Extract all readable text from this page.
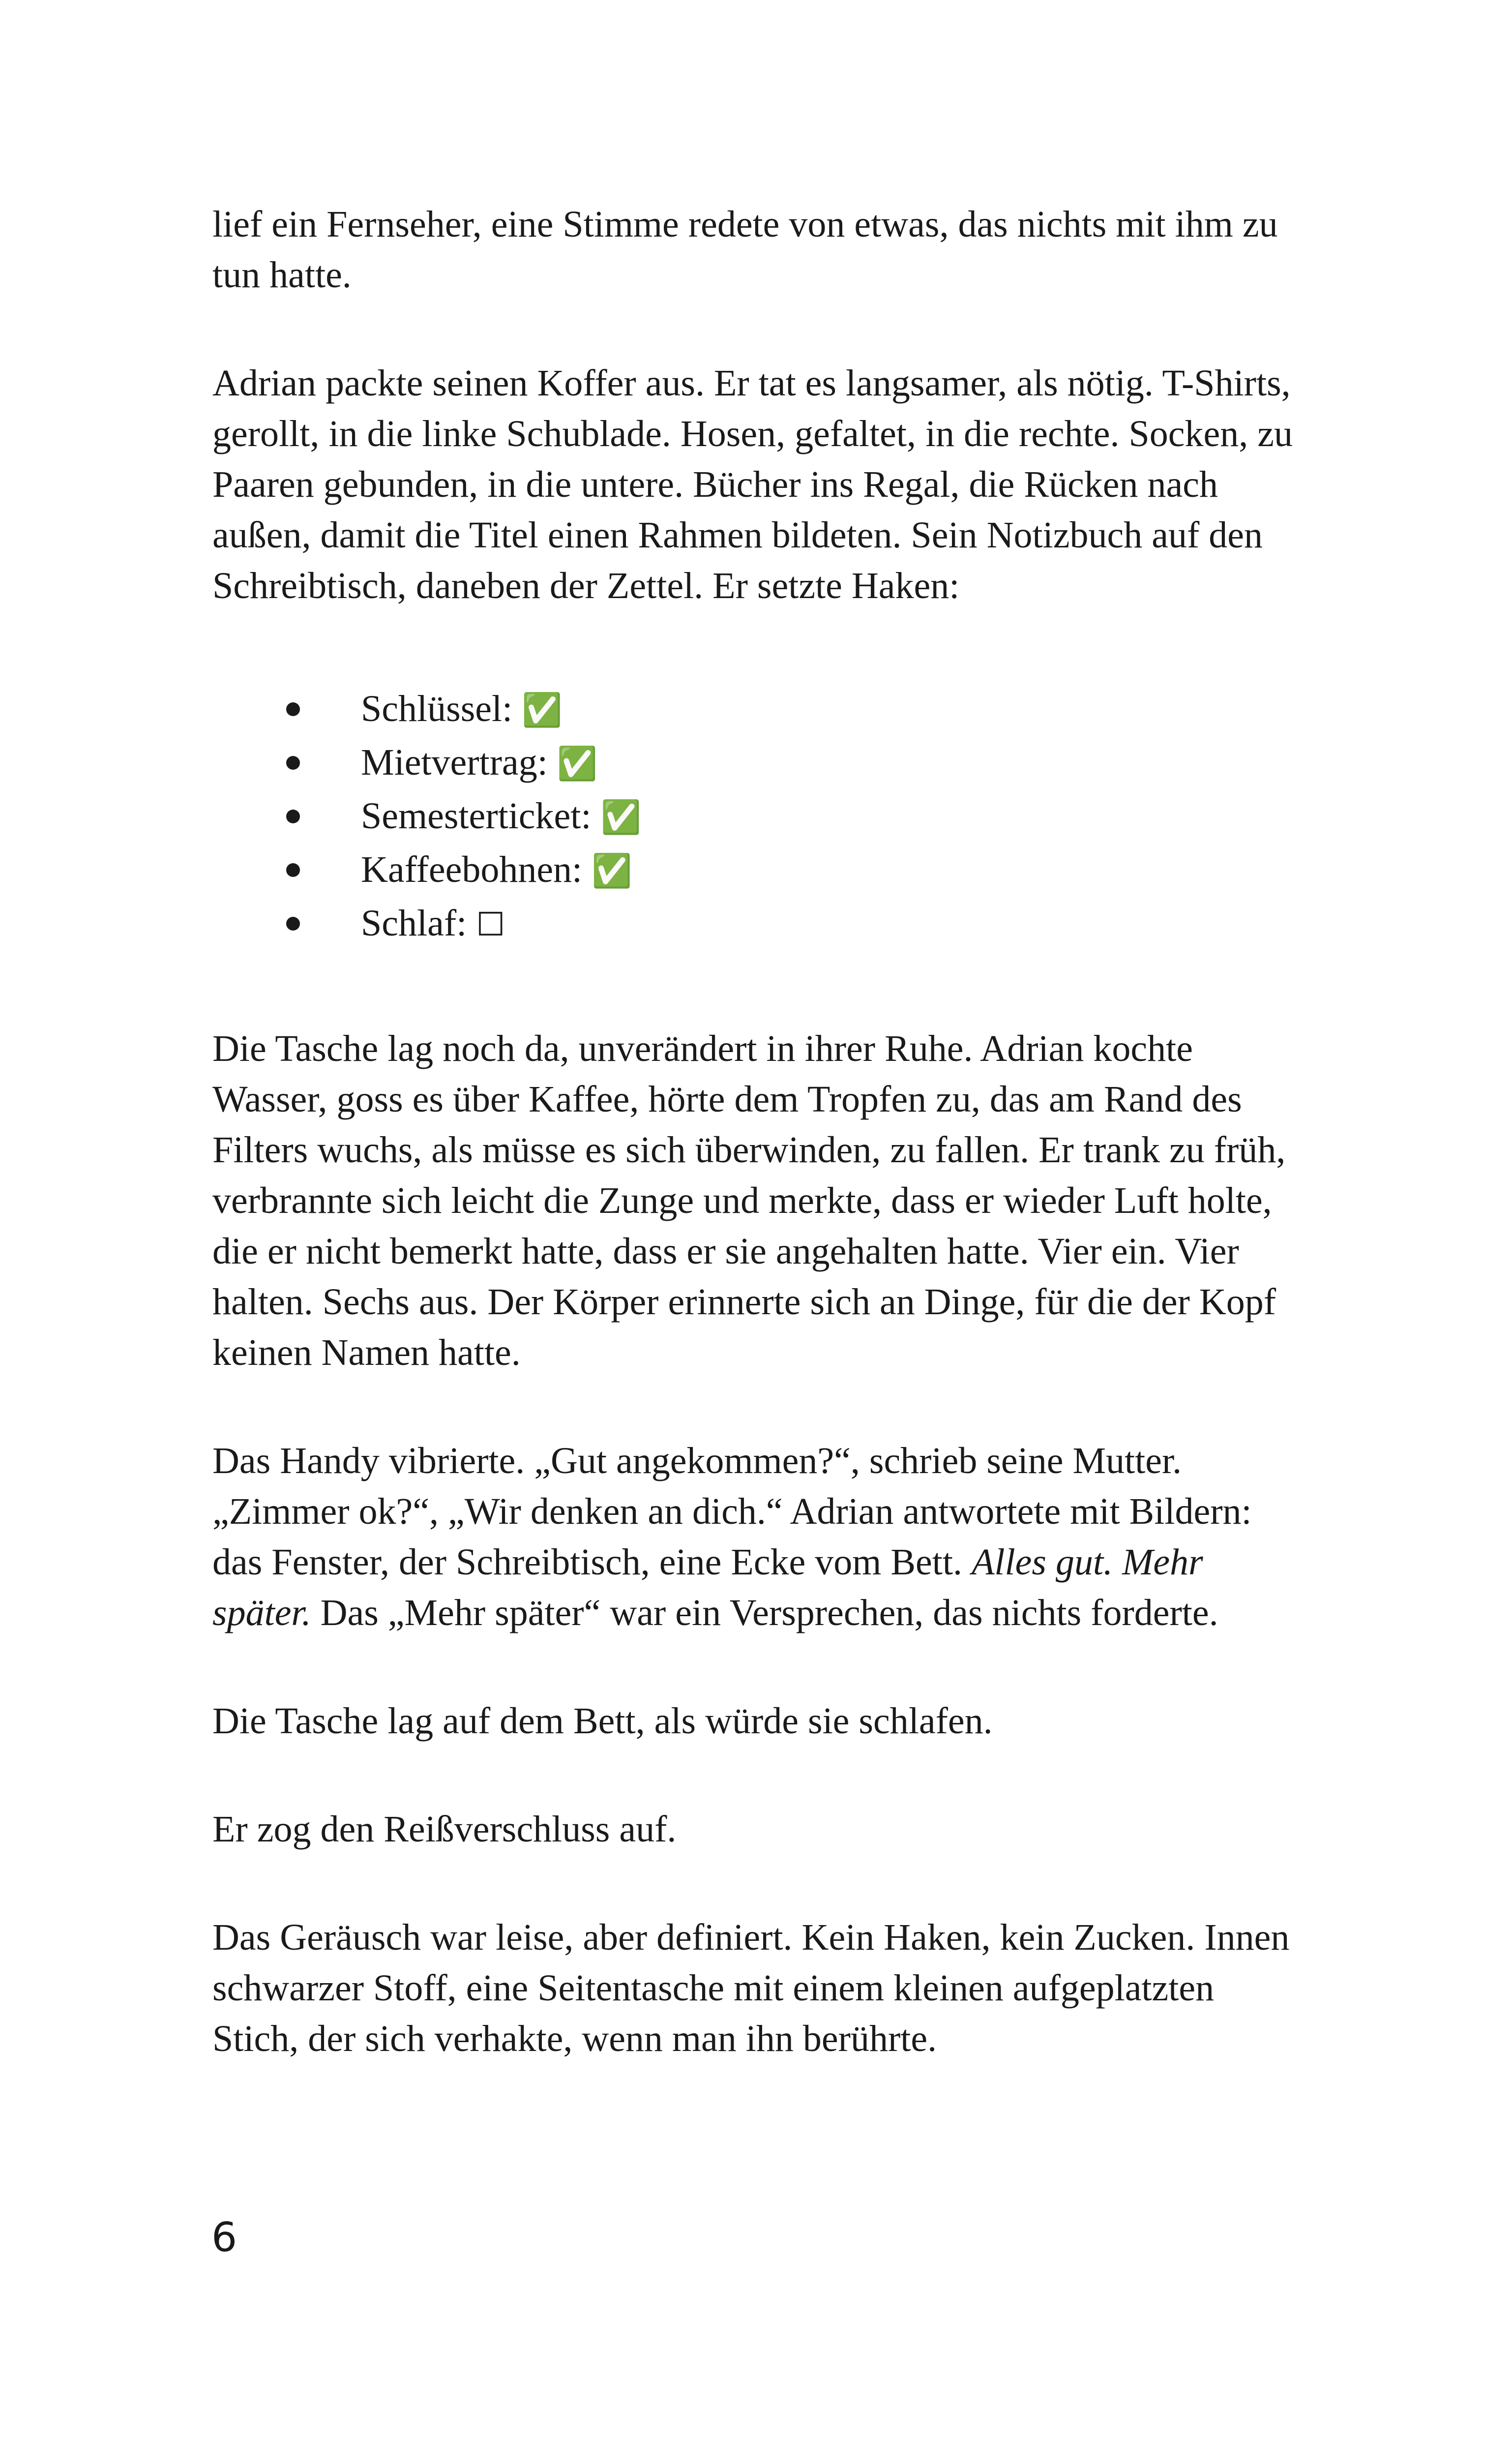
lief ein Fernseher, eine Stimme redete von etwas, das nichts mit ihm zu tun hatte.

Adrian packte seinen Koffer aus. Er tat es langsamer, als nötig. T-Shirts, gerollt, in die linke Schublade. Hosen, gefaltet, in die rechte. Socken, zu Paaren gebunden, in die untere. Bücher ins Regal, die Rücken nach außen, damit die Titel einen Rahmen bildeten. Sein Notizbuch auf den Schreibtisch, daneben der Zettel. Er setzte Haken:

Schlüssel: ✅
Mietvertrag: ✅
Semesterticket: ✅
Kaffeebohnen: ✅
Schlaf: ☐

Die Tasche lag noch da, unverändert in ihrer Ruhe. Adrian kochte Wasser, goss es über Kaffee, hörte dem Tropfen zu, das am Rand des Filters wuchs, als müsse es sich überwinden, zu fallen. Er trank zu früh, verbrannte sich leicht die Zunge und merkte, dass er wieder Luft holte, die er nicht bemerkt hatte, dass er sie angehalten hatte. Vier ein. Vier halten. Sechs aus. Der Körper erinnerte sich an Dinge, für die der Kopf keinen Namen hatte.

Das Handy vibrierte. „Gut angekommen?“, schrieb seine Mutter. „Zimmer ok?“, „Wir denken an dich.“ Adrian antwortete mit Bildern: das Fenster, der Schreibtisch, eine Ecke vom Bett. Alles gut. Mehr später. Das „Mehr später“ war ein Versprechen, das nichts forderte.

Die Tasche lag auf dem Bett, als würde sie schlafen.

Er zog den Reißverschluss auf.

Das Geräusch war leise, aber definiert. Kein Haken, kein Zucken. Innen schwarzer Stoff, eine Seitentasche mit einem kleinen aufgeplatzten Stich, der sich verhakte, wenn man ihn berührte.

6
